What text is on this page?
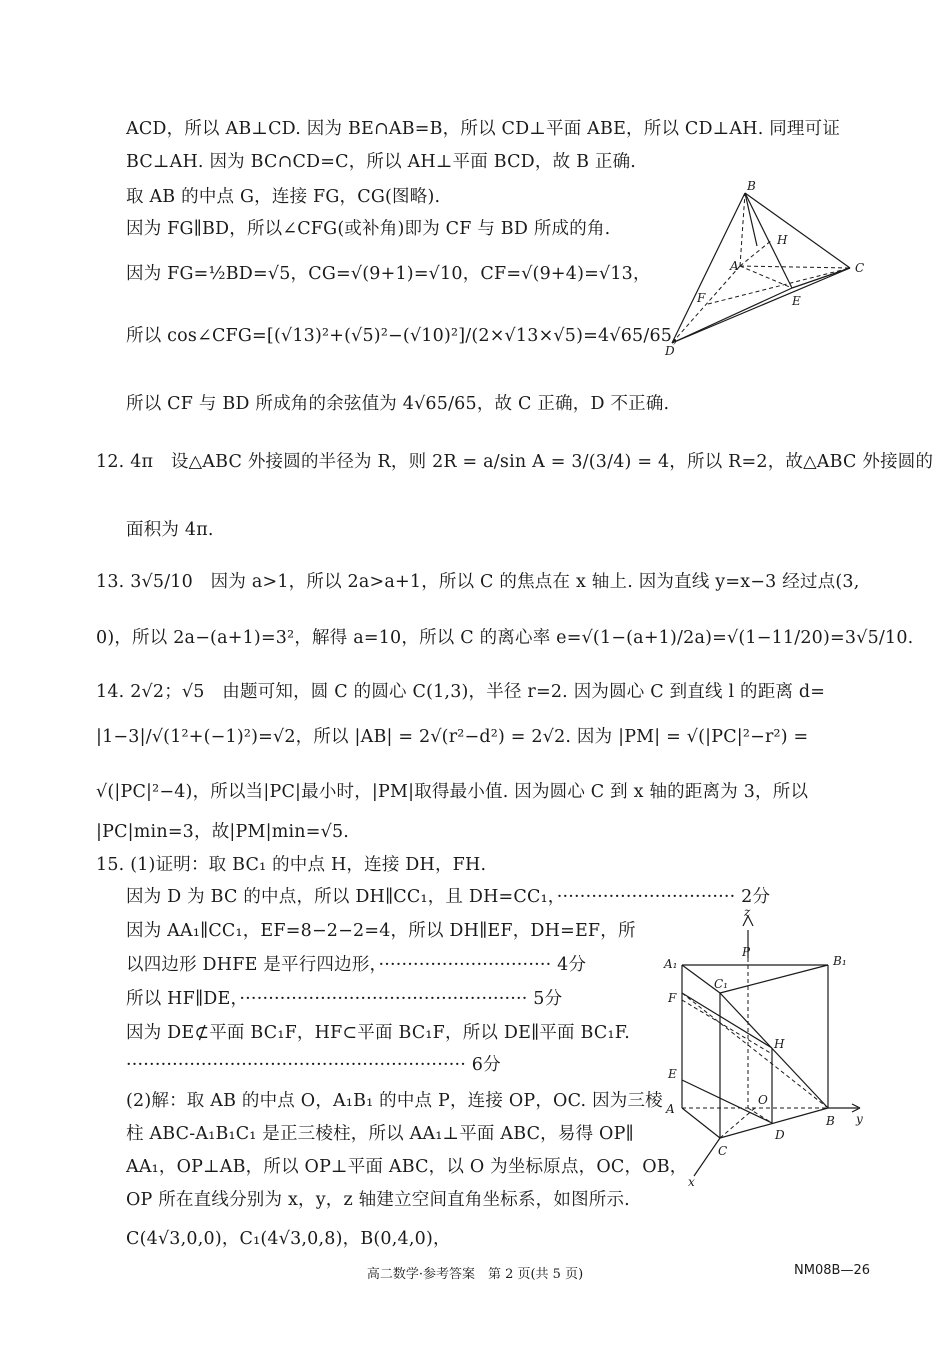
ACD，所以 AB⊥CD. 因为 BE∩AB=B，所以 CD⊥平面 ABE，所以 CD⊥AH. 同理可证
BC⊥AH. 因为 BC∩CD=C，所以 AH⊥平面 BCD，故 B 正确.
取 AB 的中点 G，连接 FG，CG(图略).
因为 FG∥BD，所以∠CFG(或补角)即为 CF 与 BD 所成的角.
因为 FG=½BD=√5，CG=√(9+1)=√10，CF=√(9+4)=√13，
所以 cos∠CFG=[(√13)²+(√5)²−(√10)²]/(2×√13×√5)=4√65/65，
所以 CF 与 BD 所成角的余弦值为 4√65/65，故 C 正确，D 不正确.
12. 4π　设△ABC 外接圆的半径为 R，则 2R = a/sin A = 3/(3/4) = 4，所以 R=2，故△ABC 外接圆的
面积为 4π.
13. 3√5/10　因为 a>1，所以 2a>a+1，所以 C 的焦点在 x 轴上. 因为直线 y=x−3 经过点(3,
0)，所以 2a−(a+1)=3²，解得 a=10，所以 C 的离心率 e=√(1−(a+1)/2a)=√(1−11/20)=3√5/10.
14. 2√2；√5　由题可知，圆 C 的圆心 C(1,3)，半径 r=2. 因为圆心 C 到直线 l 的距离 d=
|1−3|/√(1²+(−1)²)=√2，所以 |AB| = 2√(r²−d²) = 2√2. 因为 |PM| = √(|PC|²−r²) =
√(|PC|²−4)，所以当|PC|最小时，|PM|取得最小值. 因为圆心 C 到 x 轴的距离为 3，所以
|PC|min=3，故|PM|min=√5.
15. (1)证明：取 BC₁ 的中点 H，连接 DH，FH.
因为 D 为 BC 的中点，所以 DH∥CC₁，且 DH=CC₁，······························· 2分
因为 AA₁∥CC₁，EF=8−2−2=4，所以 DH∥EF，DH=EF，所
以四边形 DHFE 是平行四边形，······························ 4分
所以 HF∥DE，·················································· 5分
因为 DE⊄平面 BC₁F，HF⊂平面 BC₁F，所以 DE∥平面 BC₁F.
··························································· 6分
(2)解：取 AB 的中点 O，A₁B₁ 的中点 P，连接 OP，OC. 因为三棱
柱 ABC-A₁B₁C₁ 是正三棱柱，所以 AA₁⊥平面 ABC，易得 OP∥
AA₁，OP⊥AB，所以 OP⊥平面 ABC，以 O 为坐标原点，OC，OB，
OP 所在直线分别为 x，y，z 轴建立空间直角坐标系，如图所示.
C(4√3,0,0)，C₁(4√3,0,8)，B(0,4,0)，
B
H
A	C
F	E
D
z
P
A₁	B₁
C₁
F
H
E
O
A
B y
D
C
x
高二数学·参考答案　第 2 页(共 5 页)	NM08B—26
